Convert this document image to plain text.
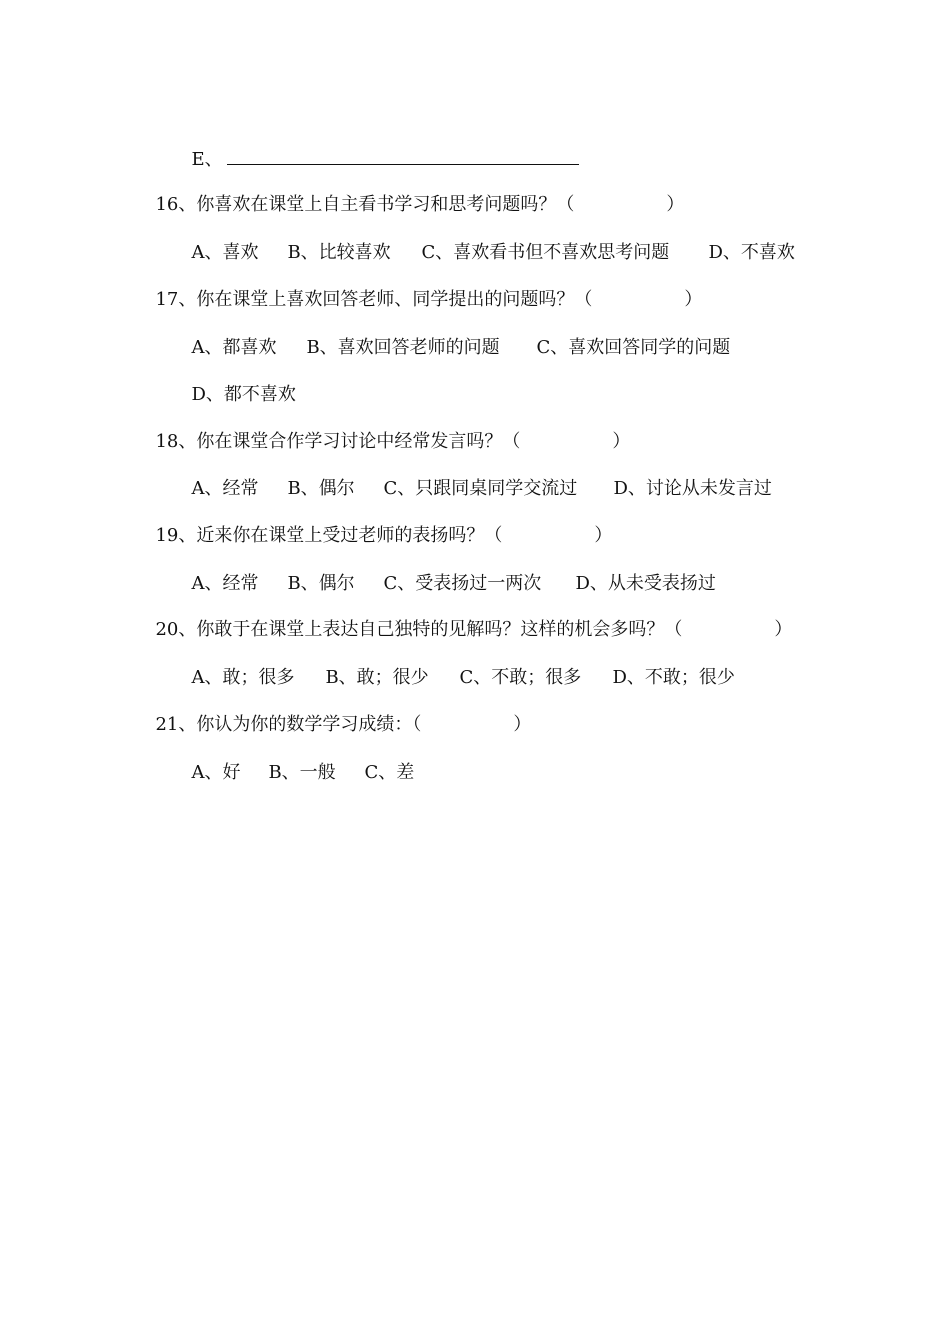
E、

16、你喜欢在课堂上自主看书学习和思考问题吗？（	）

A、喜欢 B、比较喜欢 C、喜欢看书但不喜欢思考问题 D、不喜欢

17、你在课堂上喜欢回答老师、同学提出的问题吗？（	）

A、都喜欢 B、喜欢回答老师的问题 C、喜欢回答同学的问题

D、都不喜欢

18、你在课堂合作学习讨论中经常发言吗？（	）

A、经常 B、偶尔 C、只跟同桌同学交流过 D、讨论从未发言过

19、近来你在课堂上受过老师的表扬吗？（	）

A、经常 B、偶尔 C、受表扬过一两次 D、从未受表扬过

20、你敢于在课堂上表达自己独特的见解吗？这样的机会多吗？（	）

A、敢；很多 B、敢；很少 C、不敢；很多 D、不敢；很少

21、你认为你的数学学习成绩：（	）

A、好 B、一般 C、差
